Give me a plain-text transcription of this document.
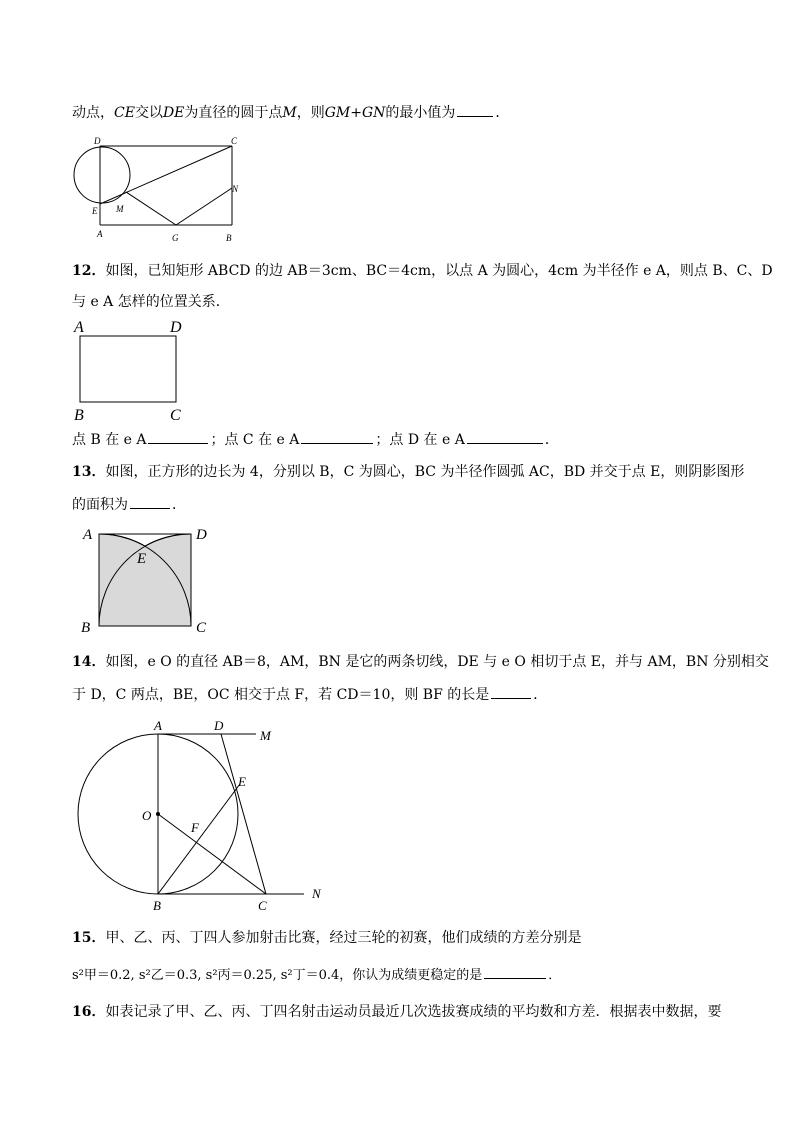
动点，CE交以DE为直径的圆于点M，则GM+GN的最小值为	．
D	C
N
E M
A	G	B
12．如图，已知矩形 ABCD 的边 AB＝3cm、BC＝4cm，以点 A 为圆心，4cm 为半径作 e A，则点 B、C、D
与 e A 怎样的位置关系．
A	D
B	C
点 B 在 e A	；点 C 在 e A	；点 D 在 e A	．
13．如图，正方形的边长为 4，分别以 B，C 为圆心，BC 为半径作圆弧 AC，BD 并交于点 E，则阴影图形
的面积为	．
A	D
E
B	C
14．如图，e O 的直径 AB＝8，AM，BN 是它的两条切线，DE 与 e O 相切于点 E，并与 AM，BN 分别相交
于 D，C 两点，BE，OC 相交于点 F，若 CD＝10，则 BF 的长是	．
A	D
M
E
O
F
B	C
N
15．甲、乙、丙、丁四人参加射击比赛，经过三轮的初赛，他们成绩的方差分别是
s²甲＝0.2, s²乙＝0.3, s²丙＝0.25, s²丁＝0.4，你认为成绩更稳定的是	．
16．如表记录了甲、乙、丙、丁四名射击运动员最近几次选拔赛成绩的平均数和方差．根据表中数据，要
